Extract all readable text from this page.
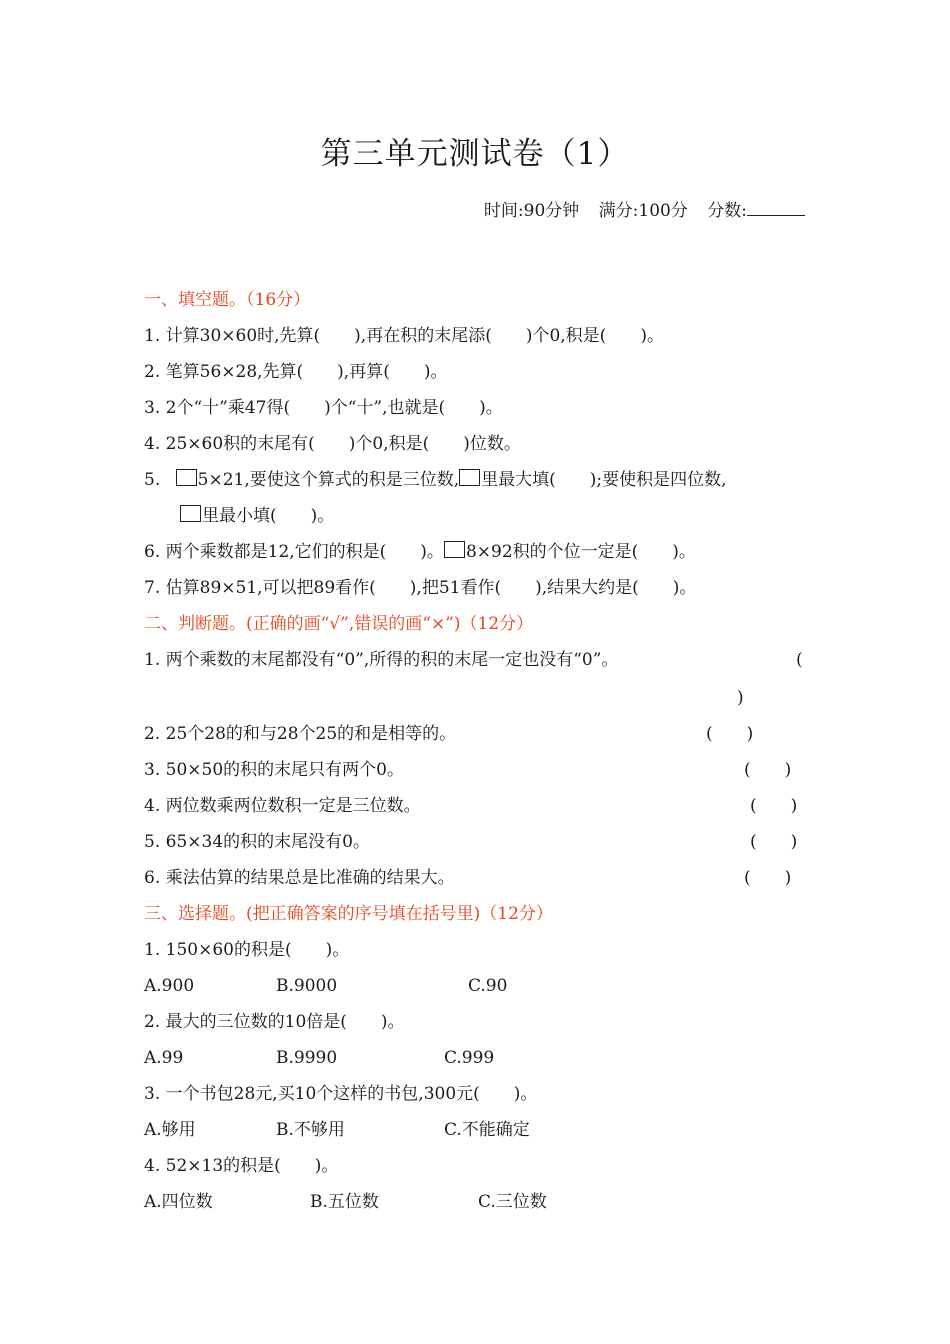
第三单元测试卷（1）
时间:90分钟 满分:100分 分数:
一、填空题。（16分）
1. 计算30×60时,先算(　　),再在积的末尾添(　　)个0,积是(　　)。
2. 笔算56×28,先算(　　),再算(　　)。
3. 2个“十”乘47得(　　)个“十”,也就是(　　)。
4. 25×60积的末尾有(　　)个0,积是(　　)位数。
5. 5×21,要使这个算式的积是三位数, 里最大填(　　);要使积是四位数,
里最小填(　　)。
6. 两个乘数都是12,它们的积是(　　)。 8×92积的个位一定是(　　)。
7. 估算89×51,可以把89看作(　　),把51看作(　　),结果大约是(　　)。
二、判断题。(正确的画“√”,错误的画“×”)（12分）
1. 两个乘数的末尾都没有“0”,所得的积的末尾一定也没有“0”。	(
)
2. 25个28的和与28个25的和是相等的。	(　　)
3. 50×50的积的末尾只有两个0。	(　　)
4. 两位数乘两位数积一定是三位数。	(　　)
5. 65×34的积的末尾没有0。	(　　)
6. 乘法估算的结果总是比准确的结果大。	(　　)
三、选择题。(把正确答案的序号填在括号里)（12分）
1. 150×60的积是(　　)。
A.900	B.9000	C.90
2. 最大的三位数的10倍是(　　)。
A.99	B.9990	C.999
3. 一个书包28元,买10个这样的书包,300元(　　)。
A.够用	B.不够用	C.不能确定
4. 52×13的积是(　　)。
A.四位数	B.五位数	C.三位数
